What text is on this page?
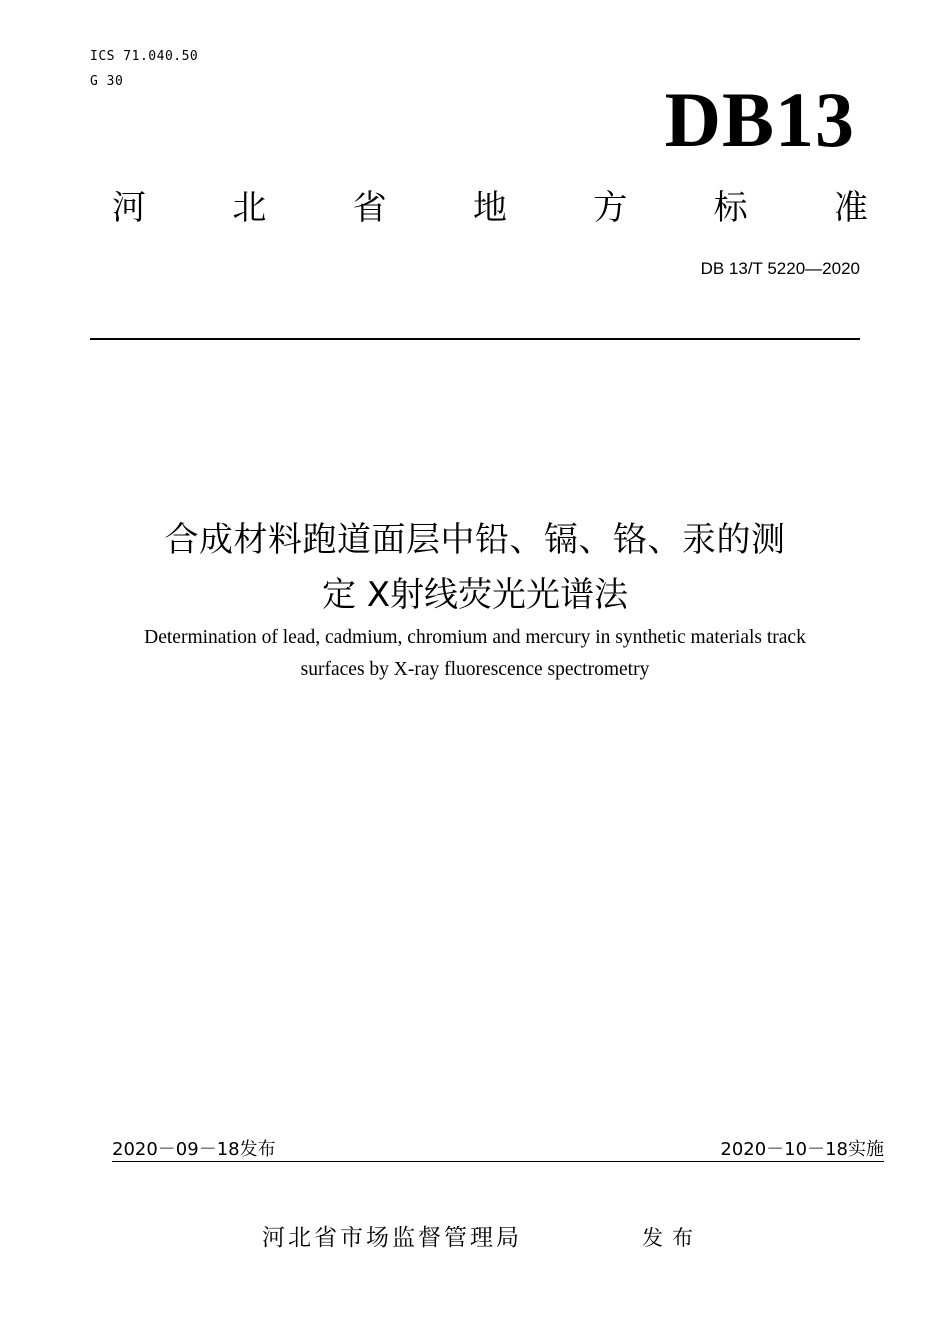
ICS 71.040.50
G 30	DB13
河	北	省	地	方	标	准
DB 13/T 5220—2020
合成材料跑道面层中铅、镉、铬、汞的测
定 X射线荧光光谱法
Determination of lead, cadmium, chromium and mercury in synthetic materials track
surfaces by X-ray fluorescence spectrometry
2020－09－18发布	2020－10－18实施
河北省市场监督管理局	发布
